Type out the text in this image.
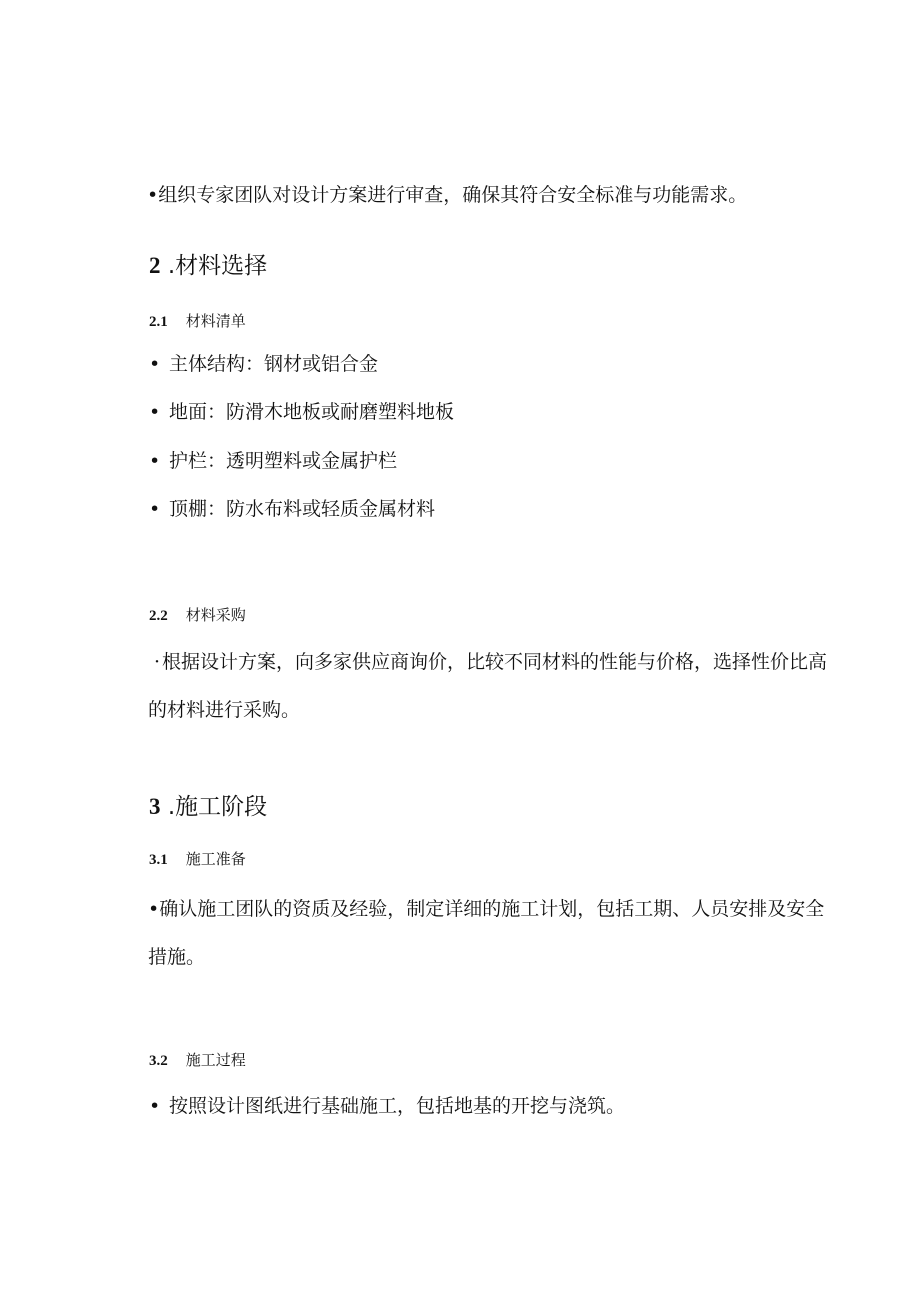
•组织专家团队对设计方案进行审查，确保其符合安全标准与功能需求。
2 .材料选择
2.1 材料清单
• 主体结构：钢材或铝合金
• 地面：防滑木地板或耐磨塑料地板
• 护栏：透明塑料或金属护栏
• 顶棚：防水布料或轻质金属材料
2.2 材料采购
· 根据设计方案，向多家供应商询价，比较不同材料的性能与价格，选择性价比高的材料进行采购。
3 .施工阶段
3.1 施工准备
•确认施工团队的资质及经验，制定详细的施工计划，包括工期、人员安排及安全措施。
3.2 施工过程
• 按照设计图纸进行基础施工，包括地基的开挖与浇筑。
